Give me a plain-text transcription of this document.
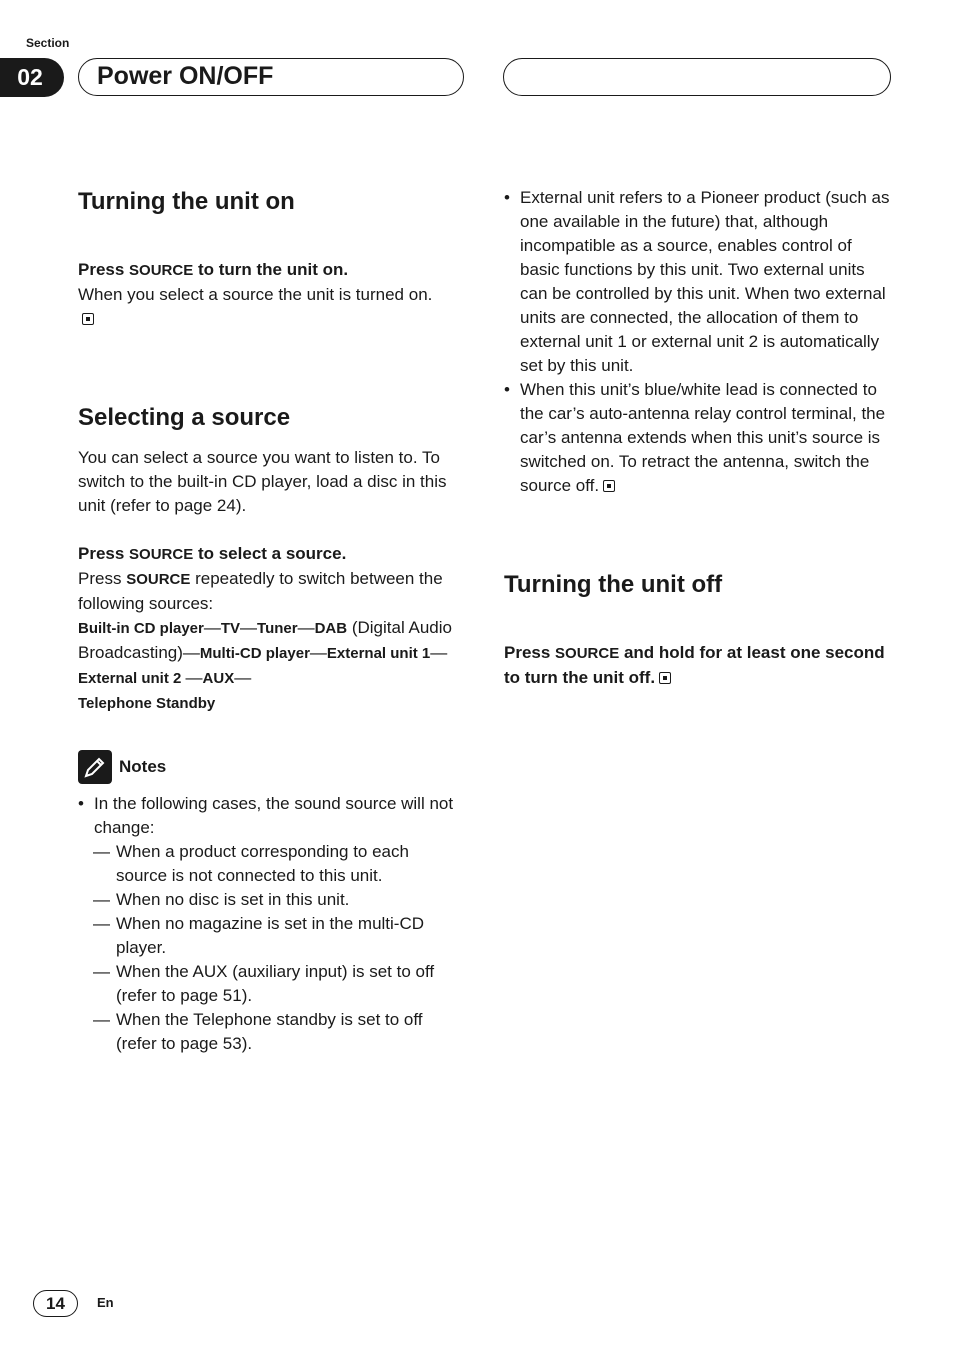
Section
02	Power ON/OFF
Turning the unit on

Press SOURCE to turn the unit on.

When you select a source the unit is turned on.

Selecting a source

You can select a source you want to listen to. To switch to the built-in CD player, load a disc in this unit (refer to page 24).

Press SOURCE to select a source.

Press SOURCE repeatedly to switch between the following sources:

Built-in CD player—TV—Tuner—DAB (Digital Audio Broadcasting)—Multi-CD player—External unit 1—External unit 2 —AUX—
Telephone Standby

Notes
• In the following cases, the sound source will not change:
— When a product corresponding to each source is not connected to this unit.
— When no disc is set in this unit.
— When no magazine is set in the multi-CD player.
— When the AUX (auxiliary input) is set to off (refer to page 51).
— When the Telephone standby is set to off (refer to page 53).
• External unit refers to a Pioneer product (such as one available in the future) that, although incompatible as a source, enables control of basic functions by this unit. Two external units can be controlled by this unit. When two external units are connected, the allocation of them to external unit 1 or external unit 2 is automatically set by this unit.
• When this unit’s blue/white lead is connected to the car’s auto-antenna relay control terminal, the car’s antenna extends when this unit’s source is switched on. To retract the antenna, switch the source off.
Turning the unit off

Press SOURCE and hold for at least one second to turn the unit off.

14	En
